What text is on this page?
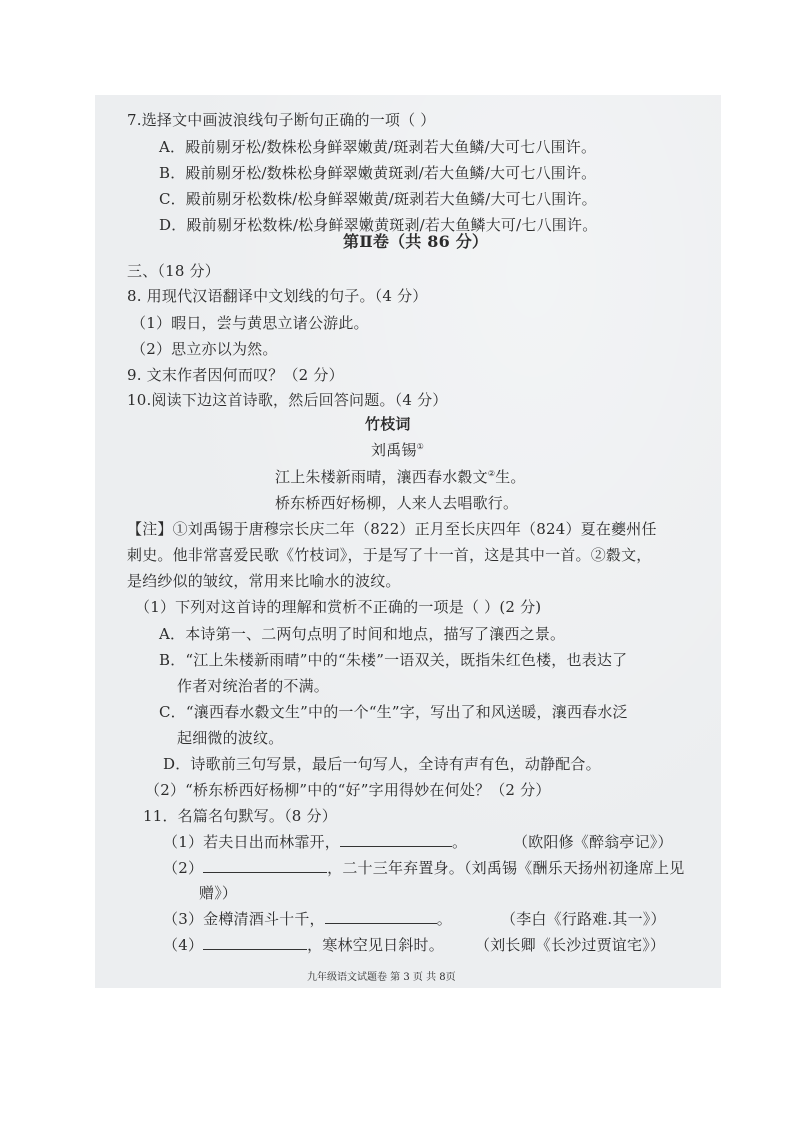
7.选择文中画波浪线句子断句正确的一项（ ）
A．殿前剔牙松/数株松身鲜翠嫩黄/斑剥若大鱼鳞/大可七八围许。
B．殿前剔牙松/数株松身鲜翠嫩黄斑剥/若大鱼鳞/大可七八围许。
C．殿前剔牙松数株/松身鲜翠嫩黄/斑剥若大鱼鳞/大可七八围许。
D．殿前剔牙松数株/松身鲜翠嫩黄斑剥/若大鱼鳞大可/七八围许。
第Ⅱ卷（共 86 分）
三、（18 分）
8. 用现代汉语翻译中文划线的句子。（4 分）
（1）暇日，尝与黄思立诸公游此。
（2）思立亦以为然。
9. 文末作者因何而叹？（2 分）
10.阅读下边这首诗歌，然后回答问题。（4 分）
竹枝词
刘禹锡①
江上朱楼新雨晴，瀼西春水縠文②生。
桥东桥西好杨柳，人来人去唱歌行。
【注】①刘禹锡于唐穆宗长庆二年（822）正月至长庆四年（824）夏在夔州任
刺史。他非常喜爱民歌《竹枝词》，于是写了十一首，这是其中一首。②縠文，
是绉纱似的皱纹，常用来比喻水的波纹。
（1）下列对这首诗的理解和赏析不正确的一项是（ ）(2 分)
A．本诗第一、二两句点明了时间和地点，描写了瀼西之景。
B．“江上朱楼新雨晴”中的“朱楼”一语双关，既指朱红色楼，也表达了
作者对统治者的不满。
C．“瀼西春水縠文生”中的一个“生”字，写出了和风送暖，瀼西春水泛
起细微的波纹。
D．诗歌前三句写景，最后一句写人，全诗有声有色，动静配合。
（2）“桥东桥西好杨柳”中的“好”字用得妙在何处？（2 分）
11．名篇名句默写。（8 分）
（1）若夫日出而林霏开，	。	（欧阳修《醉翁亭记》）
（2）	，二十三年弃置身。（刘禹锡《酬乐天扬州初逢席上见
赠》）
（3）金樽清酒斗十千，	。	（李白《行路难.其一》）
（4）	，寒林空见日斜时。 （刘长卿《长沙过贾谊宅》）
九年级语文试题卷 第 3 页 共 8页
